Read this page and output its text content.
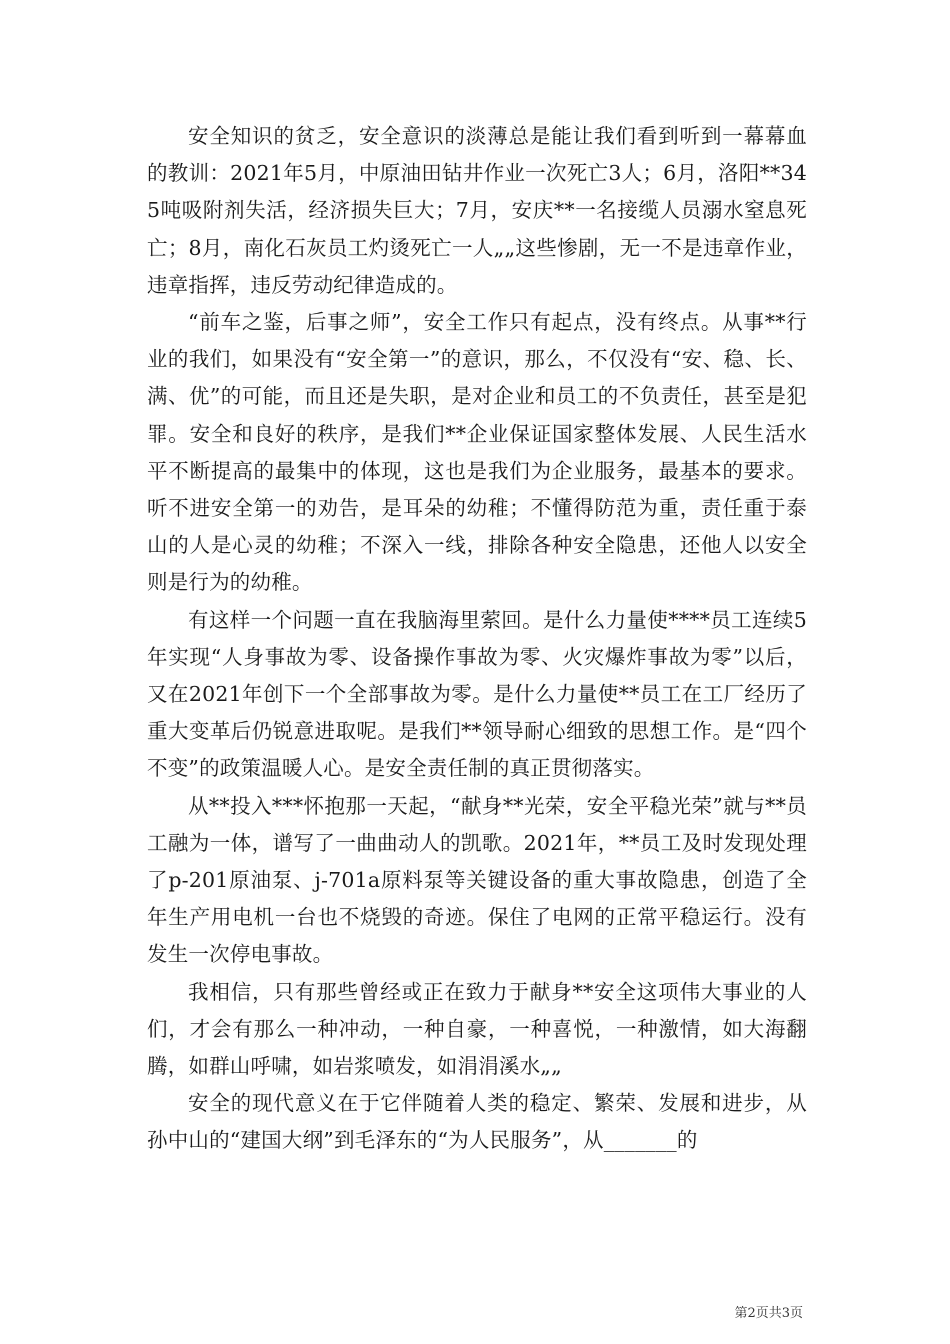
安全知识的贫乏，安全意识的淡薄总是能让我们看到听到一幕幕血的教训：2021年5月，中原油田钻井作业一次死亡3人；6月，洛阳**345吨吸附剂失活，经济损失巨大；7月，安庆**一名接缆人员溺水窒息死亡；8月，南化石灰员工灼烫死亡一人„„这些惨剧，无一不是违章作业，违章指挥，违反劳动纪律造成的。

“前车之鉴，后事之师”，安全工作只有起点，没有终点。从事**行业的我们，如果没有“安全第一”的意识，那么，不仅没有“安、稳、长、满、优”的可能，而且还是失职，是对企业和员工的不负责任，甚至是犯罪。安全和良好的秩序，是我们**企业保证国家整体发展、人民生活水平不断提高的最集中的体现，这也是我们为企业服务，最基本的要求。听不进安全第一的劝告，是耳朵的幼稚；不懂得防范为重，责任重于泰山的人是心灵的幼稚；不深入一线，排除各种安全隐患，还他人以安全则是行为的幼稚。

有这样一个问题一直在我脑海里萦回。是什么力量使****员工连续5年实现“人身事故为零、设备操作事故为零、火灾爆炸事故为零”以后，又在2021年创下一个全部事故为零。是什么力量使**员工在工厂经历了重大变革后仍锐意进取呢。是我们**领导耐心细致的思想工作。是“四个不变”的政策温暖人心。是安全责任制的真正贯彻落实。

从**投入***怀抱那一天起，“献身**光荣，安全平稳光荣”就与**员工融为一体，谱写了一曲曲动人的凯歌。2021年，**员工及时发现处理了p-201原油泵、j-701a原料泵等关键设备的重大事故隐患，创造了全年生产用电机一台也不烧毁的奇迹。保住了电网的正常平稳运行。没有发生一次停电事故。

我相信，只有那些曾经或正在致力于献身**安全这项伟大事业的人们，才会有那么一种冲动，一种自豪，一种喜悦，一种激情，如大海翻腾，如群山呼啸，如岩浆喷发，如涓涓溪水„„

安全的现代意义在于它伴随着人类的稳定、繁荣、发展和进步，从孙中山的“建国大纲”到毛泽东的“为人民服务”，从_______的

第2页共3页
